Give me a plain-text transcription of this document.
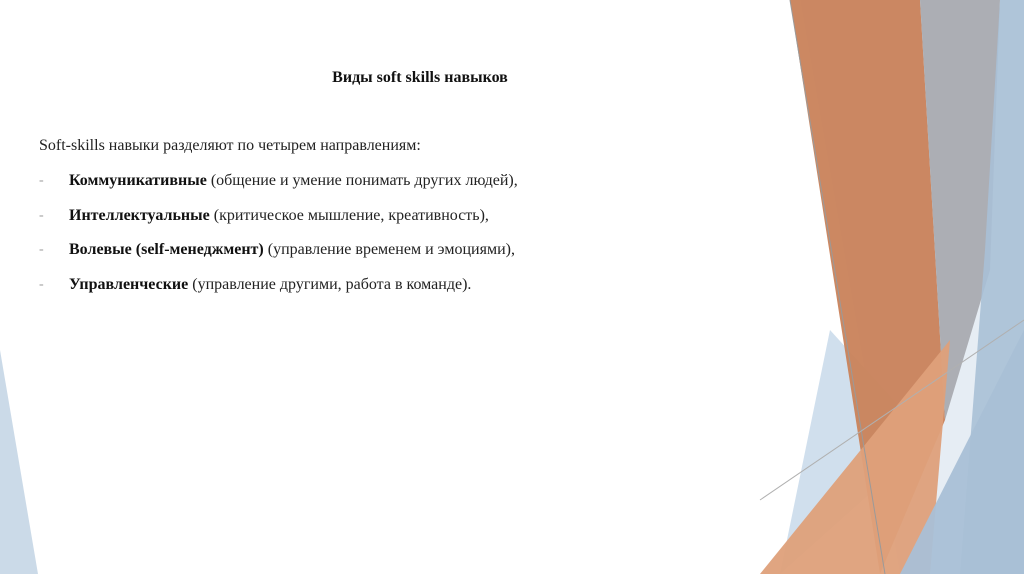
Виды soft skills навыков

Soft-skills навыки разделяют по четырем направлениям:

- Коммуникативные (общение и умение понимать других людей),
- Интеллектуальные (критическое мышление, креативность),
- Волевые (self-менеджмент) (управление временем и эмоциями),
- Управленческие (управление другими, работа в команде).
